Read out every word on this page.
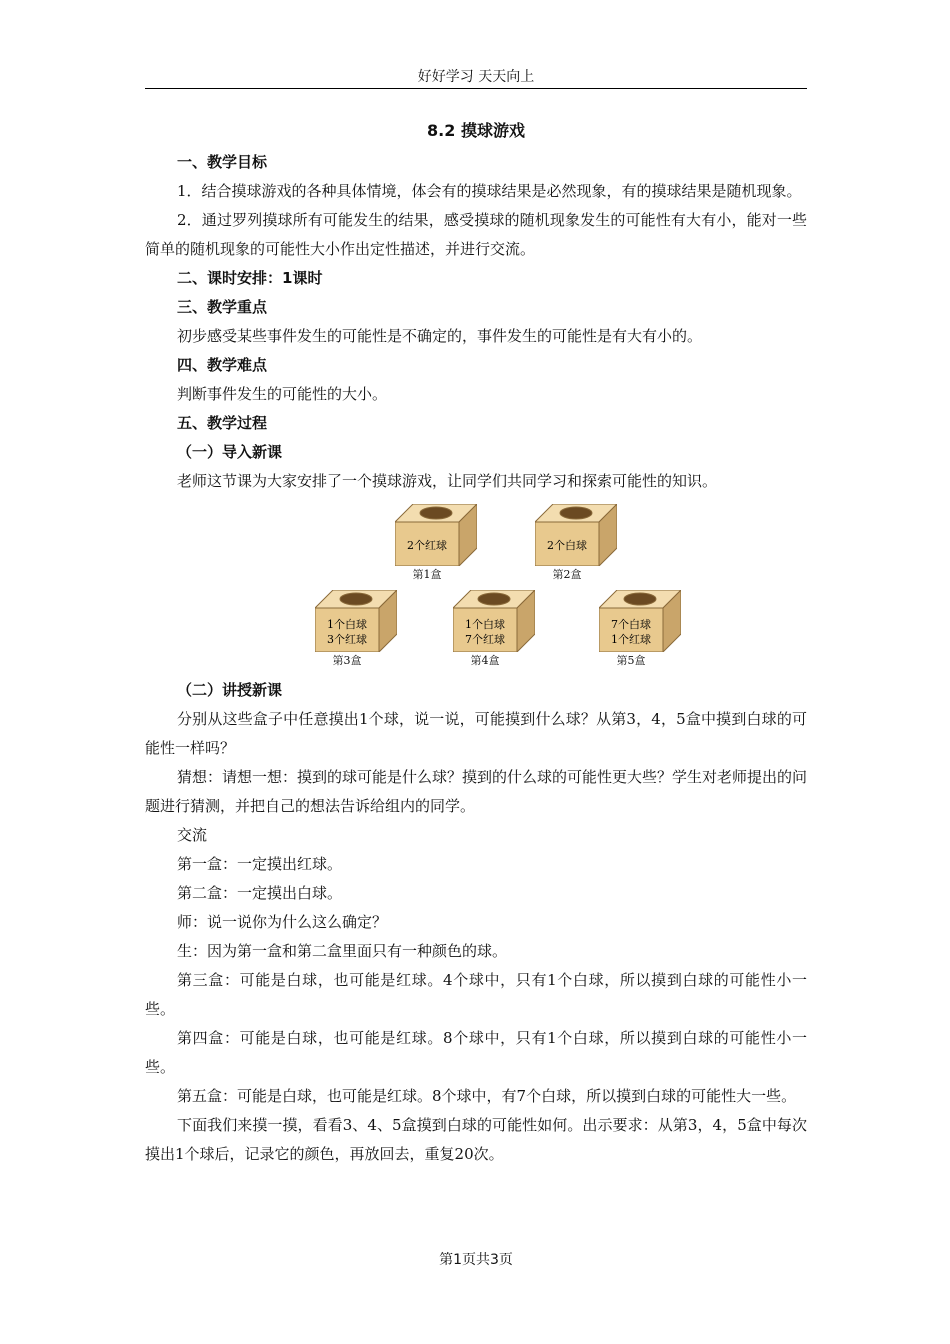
好好学习 天天向上
8.2 摸球游戏

一、教学目标

1．结合摸球游戏的各种具体情境，体会有的摸球结果是必然现象，有的摸球结果是随机现象。

2．通过罗列摸球所有可能发生的结果，感受摸球的随机现象发生的可能性有大有小，能对一些简单的随机现象的可能性大小作出定性描述，并进行交流。

二、课时安排：1课时

三、教学重点

初步感受某些事件发生的可能性是不确定的，事件发生的可能性是有大有小的。

四、教学难点

判断事件发生的可能性的大小。

五、教学过程

（一）导入新课

老师这节课为大家安排了一个摸球游戏，让同学们共同学习和探索可能性的知识。

2个红球
第1盒
2个白球
第2盒
1个白球
3个红球
第3盒
1个白球
7个红球
第4盒
7个白球
1个红球
第5盒

（二）讲授新课

分别从这些盒子中任意摸出1个球，说一说，可能摸到什么球？从第3，4，5盒中摸到白球的可能性一样吗？

猜想：请想一想：摸到的球可能是什么球？摸到的什么球的可能性更大些？学生对老师提出的问题进行猜测，并把自己的想法告诉给组内的同学。

交流

第一盒：一定摸出红球。

第二盒：一定摸出白球。

师：说一说你为什么这么确定？

生：因为第一盒和第二盒里面只有一种颜色的球。

第三盒：可能是白球，也可能是红球。4个球中，只有1个白球，所以摸到白球的可能性小一些。

第四盒：可能是白球，也可能是红球。8个球中，只有1个白球，所以摸到白球的可能性小一些。

第五盒：可能是白球，也可能是红球。8个球中，有7个白球，所以摸到白球的可能性大一些。

下面我们来摸一摸，看看3、4、5盒摸到白球的可能性如何。出示要求：从第3，4，5盒中每次摸出1个球后，记录它的颜色，再放回去，重复20次。

第1页共3页
